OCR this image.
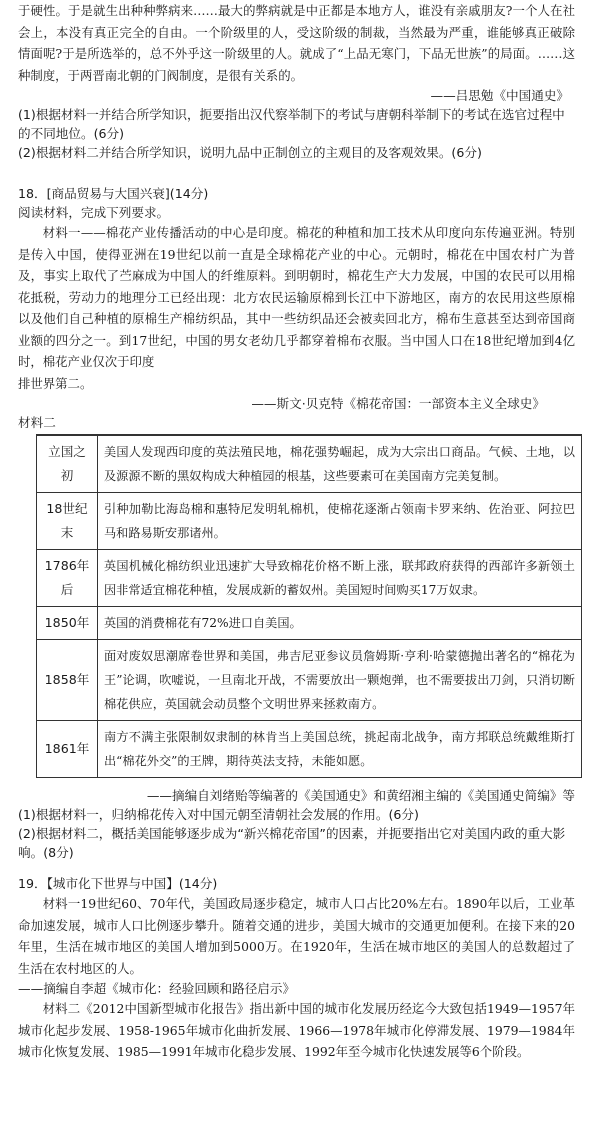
于硬性。于是就生出种种弊病来……最大的弊病就是中正都是本地方人，谁没有亲戚朋友?一个人在社会上，本没有真正完全的自由。一个阶级里的人，受这阶级的制裁，当然最为严重，谁能够真正破除情面呢?于是所选举的，总不外乎这一阶级里的人。就成了“上品无寒门，下品无世族”的局面。……这种制度，于两晋南北朝的门阀制度，是很有关系的。

——吕思勉《中国通史》

(1)根据材料一并结合所学知识，扼要指出汉代察举制下的考试与唐朝科举制下的考试在选官过程中的不同地位。(6分)

(2)根据材料二并结合所学知识，说明九品中正制创立的主观目的及客观效果。(6分)

18．[商品贸易与大国兴衰](14分)

阅读材料，完成下列要求。

材料一——棉花产业传播活动的中心是印度。棉花的种植和加工技术从印度向东传遍亚洲。特别是传入中国，使得亚洲在19世纪以前一直是全球棉花产业的中心。元朝时，棉花在中国农村广为普及，事实上取代了苎麻成为中国人的纤维原料。到明朝时，棉花生产大力发展，中国的农民可以用棉花抵税，劳动力的地理分工已经出现：北方农民运输原棉到长江中下游地区，南方的农民用这些原棉以及他们自己种植的原棉生产棉纺织品，其中一些纺织品还会被卖回北方，棉布生意甚至达到帝国商业额的四分之一。到17世纪，中国的男女老幼几乎都穿着棉布衣服。当中国人口在18世纪增加到4亿时，棉花产业仅次于印度

排世界第二。

——斯文·贝克特《棉花帝国：一部资本主义全球史》

材料二

立国之初	美国人发现西印度的英法殖民地，棉花强势崛起，成为大宗出口商品。气候、土地，以及源源不断的黑奴构成大种植园的根基，这些要素可在美国南方完美复制。
18世纪末	引种加勒比海岛棉和惠特尼发明轧棉机，使棉花逐渐占领南卡罗来纳、佐治亚、阿拉巴马和路易斯安那诸州。
1786年后	英国机械化棉纺织业迅速扩大导致棉花价格不断上涨，联邦政府获得的西部许多新领土因非常适宜棉花种植，发展成新的蓄奴州。美国短时间购买17万奴隶。
1850年	英国的消费棉花有72%进口自美国。
1858年	面对废奴思潮席卷世界和美国，弗吉尼亚参议员詹姆斯·亨利·哈蒙德抛出著名的“棉花为王”论调，吹嘘说，一旦南北开战，不需要放出一颗炮弹，也不需要拔出刀剑，只消切断棉花供应，英国就会动员整个文明世界来拯救南方。
1861年	南方不满主张限制奴隶制的林肯当上美国总统，挑起南北战争，南方邦联总统戴维斯打出“棉花外交”的王牌，期待英法支持，未能如愿。

——摘编自刘绪贻等编著的《美国通史》和黄绍湘主编的《美国通史简编》等

(1)根据材料一，归纳棉花传入对中国元朝至清朝社会发展的作用。(6分)

(2)根据材料二，概括美国能够逐步成为“新兴棉花帝国”的因素，并扼要指出它对美国内政的重大影响。(8分)

19．【城市化下世界与中国】(14分)

材料一19世纪60、70年代，美国政局逐步稳定，城市人口占比20%左右。1890年以后，工业革命加速发展，城市人口比例逐步攀升。随着交通的进步，美国大城市的交通更加便利。在接下来的20年里，生活在城市地区的美国人增加到5000万。在1920年，生活在城市地区的美国人的总数超过了生活在农村地区的人。

——摘编自李超《城市化：经验回顾和路径启示》

材料二《2012中国新型城市化报告》指出新中国的城市化发展历经迄今大致包括1949—1957年城市化起步发展、1958-1965年城市化曲折发展、1966—1978年城市化停滞发展、1979—1984年城市化恢复发展、1985—1991年城市化稳步发展、1992年至今城市化快速发展等6个阶段。
